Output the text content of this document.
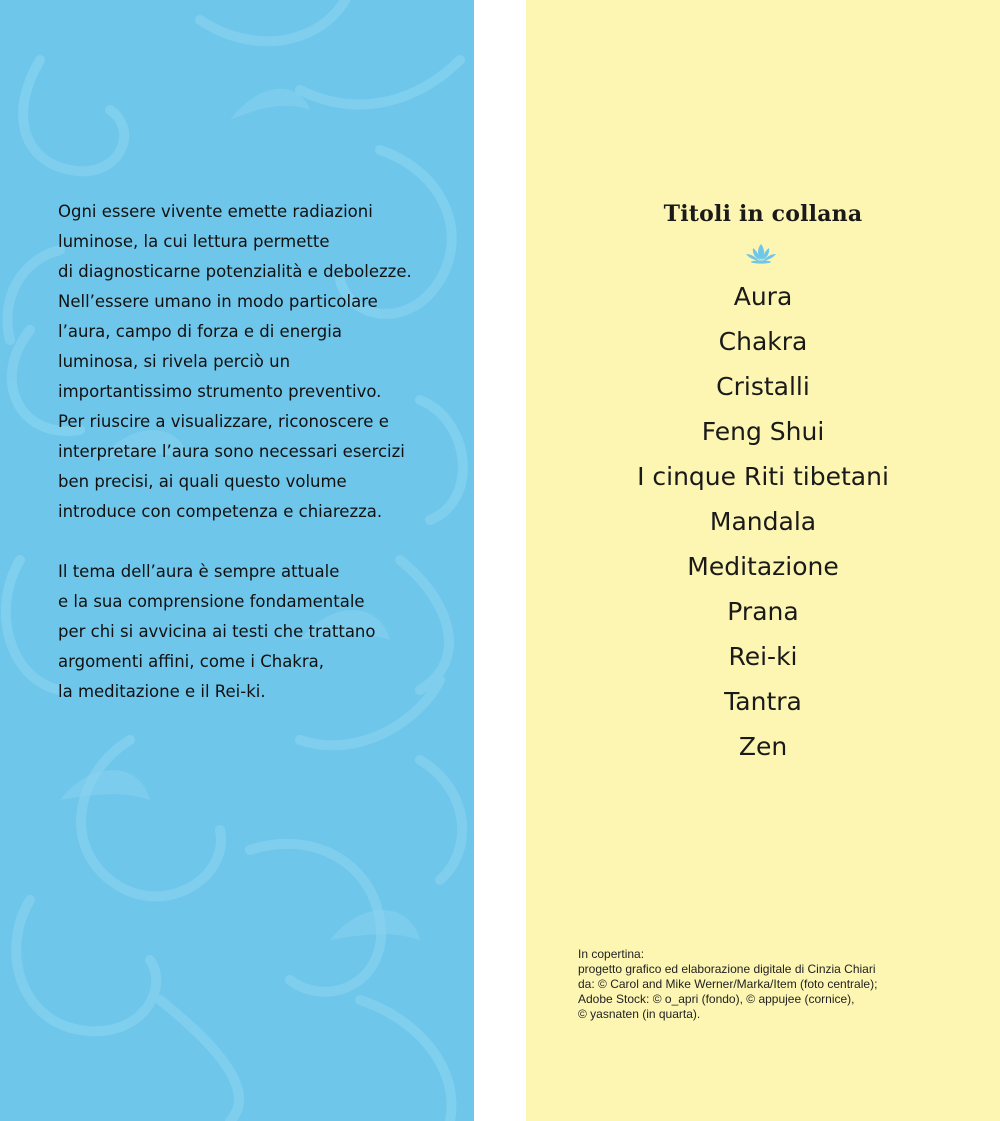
Ogni essere vivente emette radiazioni
luminose, la cui lettura permette
di diagnosticarne potenzialità e debolezze.
Nell’essere umano in modo particolare
l’aura, campo di forza e di energia
luminosa, si rivela perciò un
importantissimo strumento preventivo.
Per riuscire a visualizzare, riconoscere e
interpretare l’aura sono necessari esercizi
ben precisi, ai quali questo volume
introduce con competenza e chiarezza.

Il tema dell’aura è sempre attuale
e la sua comprensione fondamentale
per chi si avvicina ai testi che trattano
argomenti affini, come i Chakra,
la meditazione e il Rei-ki.

Titoli in collana
Aura
Chakra
Cristalli
Feng Shui
I cinque Riti tibetani
Mandala
Meditazione
Prana
Rei-ki
Tantra
Zen
In copertina:
progetto grafico ed elaborazione digitale di Cinzia Chiari
da: © Carol and Mike Werner/Marka/Item (foto centrale);
Adobe Stock: © o_apri (fondo), © appujee (cornice),
© yasnaten (in quarta).
